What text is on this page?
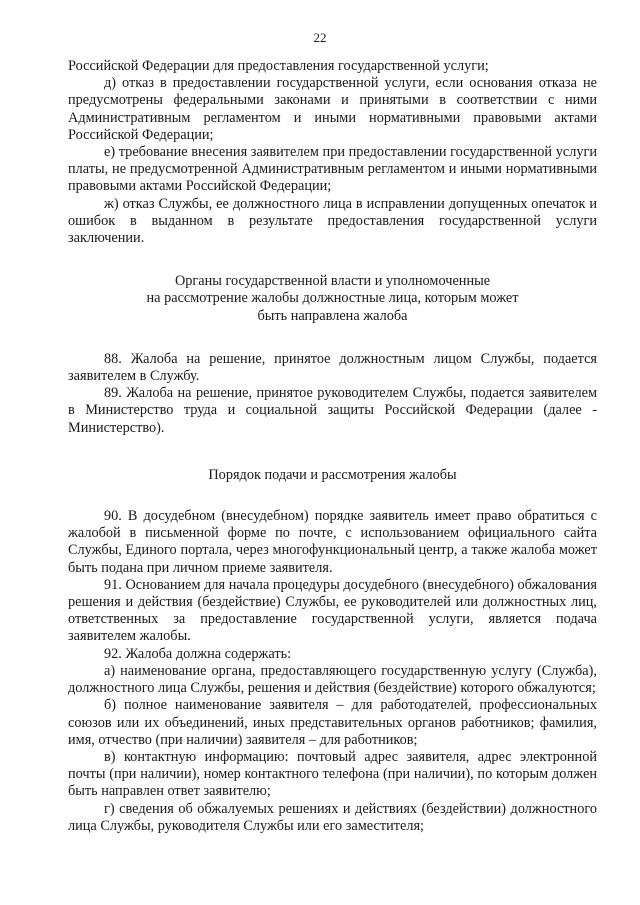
22

Российской Федерации для предоставления государственной услуги;

д) отказ в предоставлении государственной услуги, если основания отказа не предусмотрены федеральными законами и принятыми в соответствии с ними Административным регламентом и иными нормативными правовыми актами Российской Федерации;

е) требование внесения заявителем при предоставлении государственной услуги платы, не предусмотренной Административным регламентом и иными нормативными правовыми актами Российской Федерации;

ж) отказ Службы, ее должностного лица в исправлении допущенных опечаток и ошибок в выданном в результате предоставления государственной услуги заключении.

Органы государственной власти и уполномоченные
на рассмотрение жалобы должностные лица, которым может
быть направлена жалоба

88. Жалоба на решение, принятое должностным лицом Службы, подается заявителем в Службу.

89. Жалоба на решение, принятое руководителем Службы, подается заявителем в Министерство труда и социальной защиты Российской Федерации (далее - Министерство).

Порядок подачи и рассмотрения жалобы

90. В досудебном (внесудебном) порядке заявитель имеет право обратиться с жалобой в письменной форме по почте, с использованием официального сайта Службы, Единого портала, через многофункциональный центр, а также жалоба может быть подана при личном приеме заявителя.

91. Основанием для начала процедуры досудебного (внесудебного) обжалования решения и действия (бездействие) Службы, ее руководителей или должностных лиц, ответственных за предоставление государственной услуги, является подача заявителем жалобы.

92. Жалоба должна содержать:

а) наименование органа, предоставляющего государственную услугу (Служба), должностного лица Службы, решения и действия (бездействие) которого обжалуются;

б) полное наименование заявителя – для работодателей, профессиональных союзов или их объединений, иных представительных органов работников; фамилия, имя, отчество (при наличии) заявителя – для работников;

в) контактную информацию: почтовый адрес заявителя, адрес электронной почты (при наличии), номер контактного телефона (при наличии), по которым должен быть направлен ответ заявителю;

г) сведения об обжалуемых решениях и действиях (бездействии) должностного лица Службы, руководителя Службы или его заместителя;
